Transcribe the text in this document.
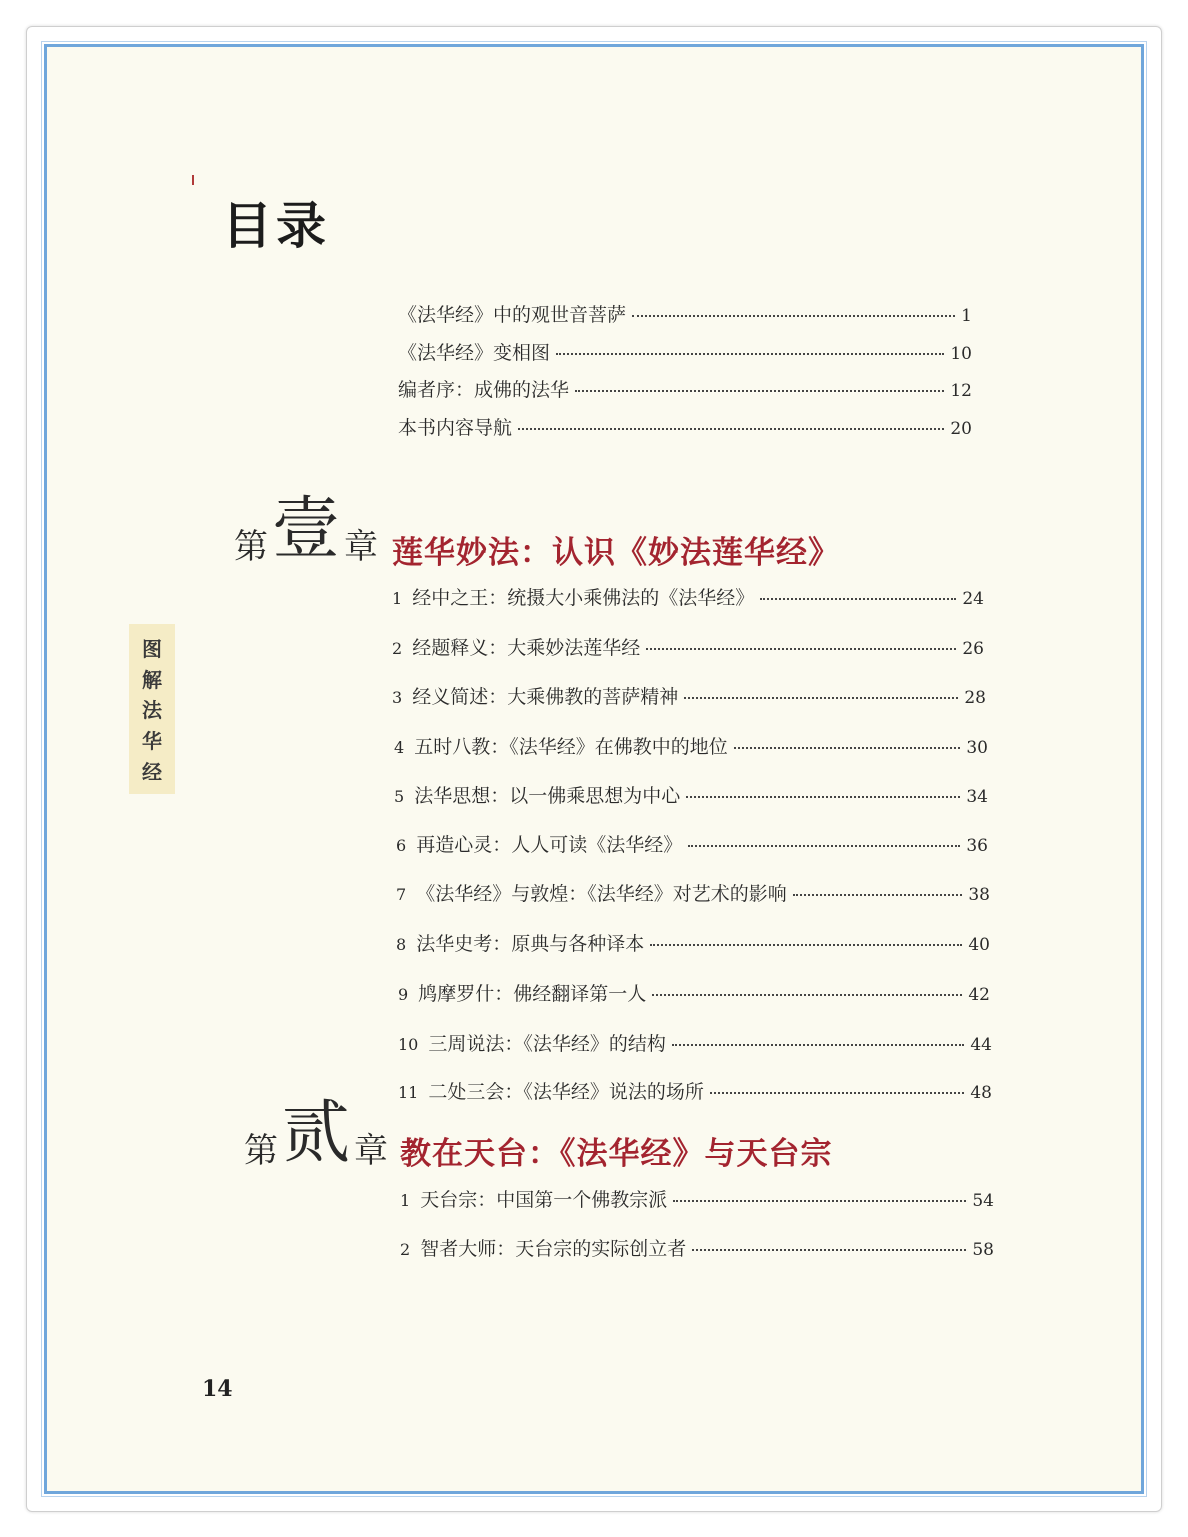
目录
《法华经》中的观世音菩萨	1
《法华经》变相图	10
编者序：成佛的法华	12
本书内容导航	20
图
解
法
华
经
第 壹 章 莲华妙法：认识《妙法莲华经》
1 经中之王：统摄大小乘佛法的《法华经》	24
2 经题释义：大乘妙法莲华经	26
3 经义简述：大乘佛教的菩萨精神	28
4 五时八教：《法华经》在佛教中的地位	30
5 法华思想：以一佛乘思想为中心	34
6 再造心灵：人人可读《法华经》	36
7 《法华经》与敦煌：《法华经》对艺术的影响	38
8 法华史考：原典与各种译本	40
9 鸠摩罗什：佛经翻译第一人	42
10 三周说法：《法华经》的结构	44
11 二处三会：《法华经》说法的场所	48
第 贰 章 教在天台：《法华经》与天台宗
1 天台宗：中国第一个佛教宗派	54
2 智者大师：天台宗的实际创立者	58
14
